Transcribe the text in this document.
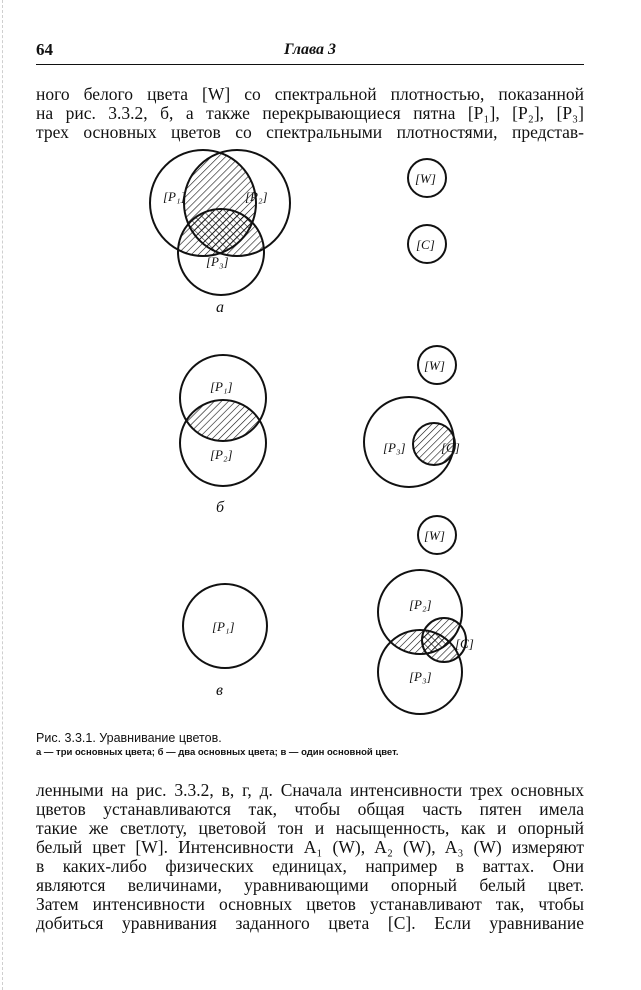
64	Глава 3
ного белого цвета [W] со спектральной плотностью, показанной
на рис. 3.3.2, б, а также перекрывающиеся пятна [P₁], [P₂], [P₃]
трех основных цветов со спектральными плотностями, представ-
[P₁]	[P₂]
[P₃]
[W]
[C]
а
[P₁]
[P₂]
[W]
[P₃]	[C]
б
[P₁]
[W]
[P₂]
[P₃]
[C]
в
Рис. 3.3.1. Уравнивание цветов.
а — три основных цвета; б — два основных цвета; в — один основной цвет.
ленными на рис. 3.3.2, в, г, д. Сначала интенсивности трех основных
цветов устанавливаются так, чтобы общая часть пятен имела
такие же светлоту, цветовой тон и насыщенность, как и опорный
белый цвет [W]. Интенсивности A₁ (W), A₂ (W), A₃ (W) измеряют
в каких-либо физических единицах, например в ваттах. Они
являются величинами, уравнивающими опорный белый цвет.
Затем интенсивности основных цветов устанавливают так, чтобы
добиться уравнивания заданного цвета [C]. Если уравнивание
